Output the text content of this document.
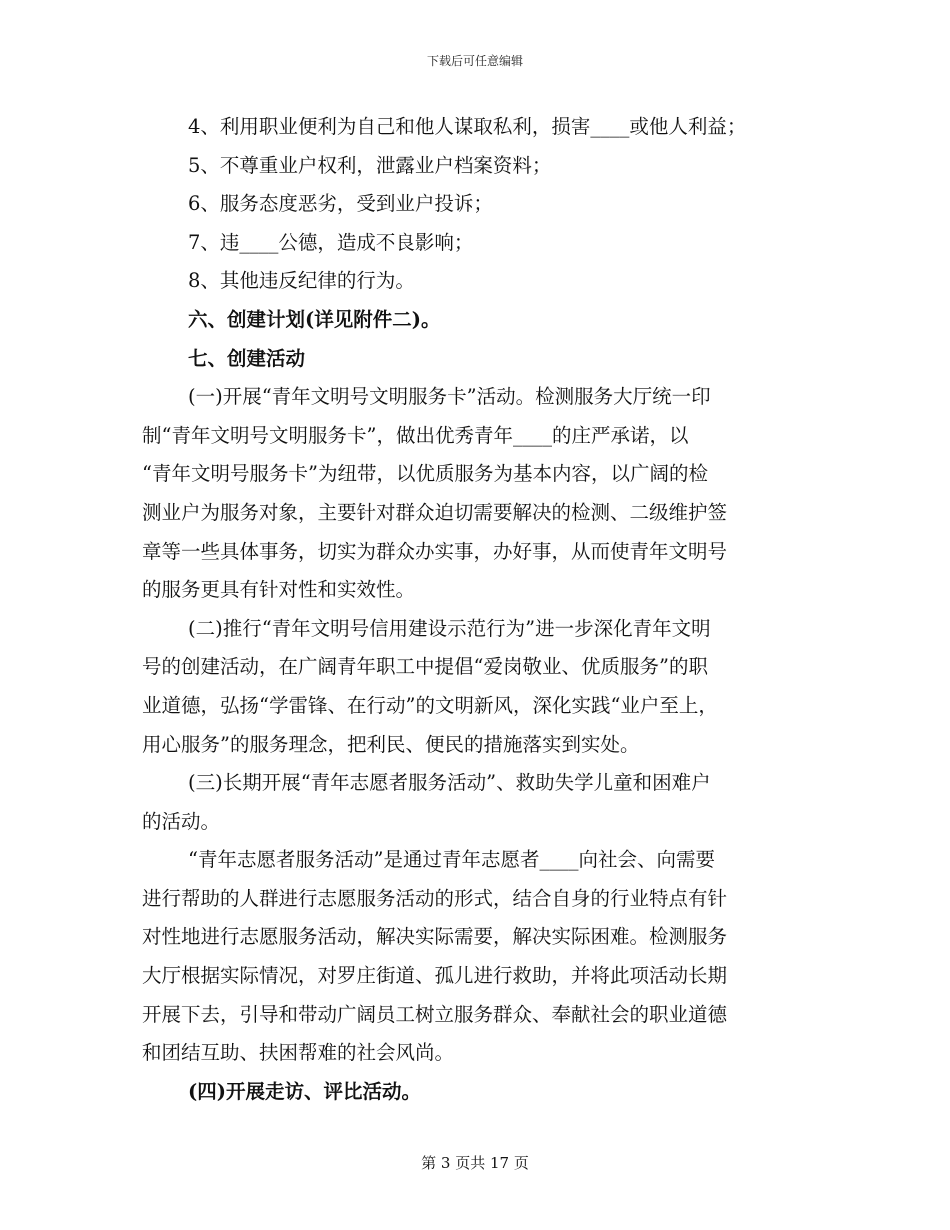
下载后可任意编辑
4、利用职业便利为自己和他人谋取私利，损害____或他人利益；
5、不尊重业户权利，泄露业户档案资料；
6、服务态度恶劣，受到业户投诉；
7、违____公德，造成不良影响；
8、其他违反纪律的行为。
六、创建计划(详见附件二)。
七、创建活动
(一)开展“青年文明号文明服务卡”活动。检测服务大厅统一印
制“青年文明号文明服务卡”，做出优秀青年____的庄严承诺，以
“青年文明号服务卡”为纽带，以优质服务为基本内容，以广阔的检
测业户为服务对象，主要针对群众迫切需要解决的检测、二级维护签
章等一些具体事务，切实为群众办实事，办好事，从而使青年文明号
的服务更具有针对性和实效性。
(二)推行“青年文明号信用建设示范行为”进一步深化青年文明
号的创建活动，在广阔青年职工中提倡“爱岗敬业、优质服务”的职
业道德，弘扬“学雷锋、在行动”的文明新风，深化实践“业户至上，
用心服务”的服务理念，把利民、便民的措施落实到实处。
(三)长期开展“青年志愿者服务活动”、救助失学儿童和困难户
的活动。
“青年志愿者服务活动”是通过青年志愿者____向社会、向需要
进行帮助的人群进行志愿服务活动的形式，结合自身的行业特点有针
对性地进行志愿服务活动，解决实际需要，解决实际困难。检测服务
大厅根据实际情况，对罗庄街道、孤儿进行救助，并将此项活动长期
开展下去，引导和带动广阔员工树立服务群众、奉献社会的职业道德
和团结互助、扶困帮难的社会风尚。
(四)开展走访、评比活动。
第 3 页共 17 页
